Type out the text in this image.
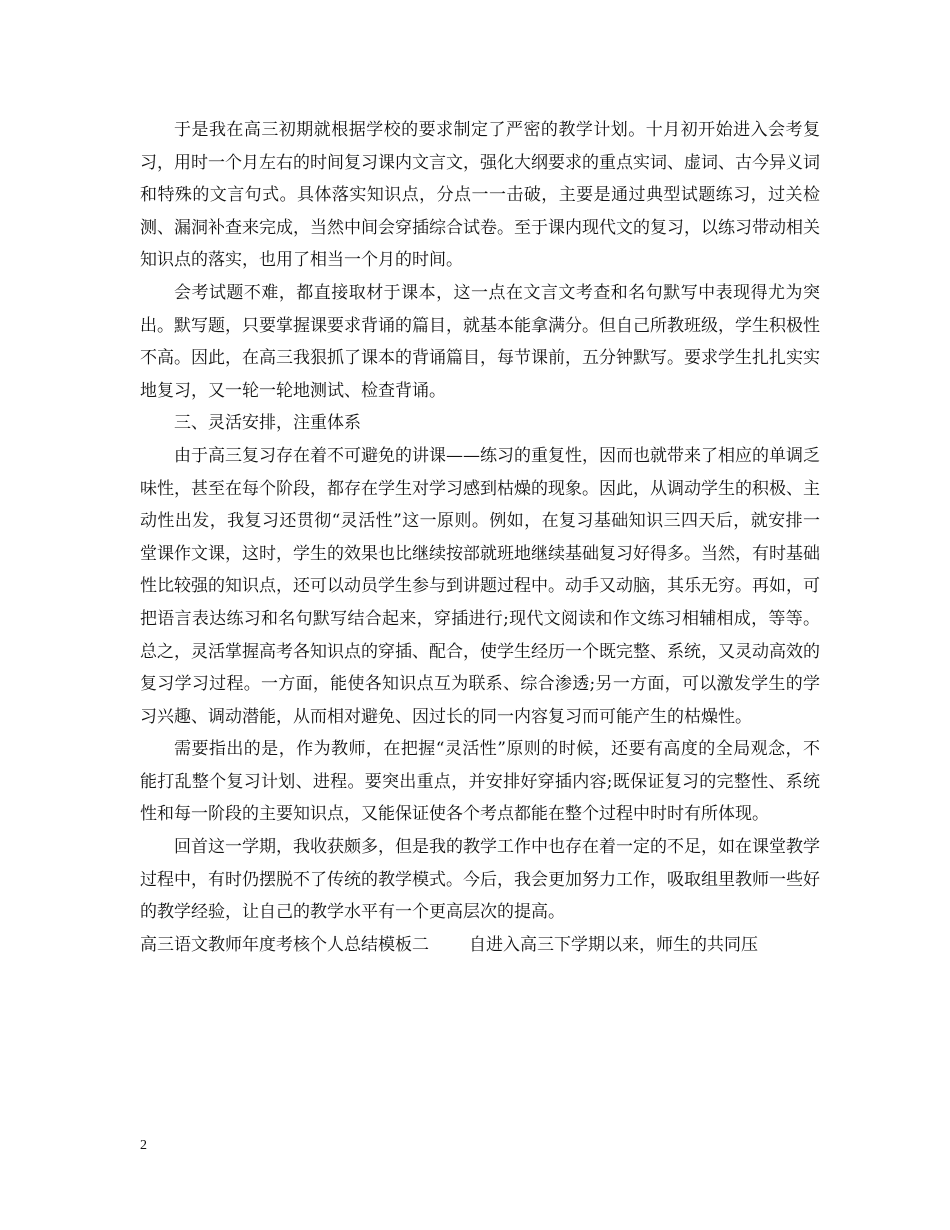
于是我在高三初期就根据学校的要求制定了严密的教学计划。十月初开始进入会考复习，用时一个月左右的时间复习课内文言文，强化大纲要求的重点实词、虚词、古今异义词和特殊的文言句式。具体落实知识点，分点一一击破，主要是通过典型试题练习，过关检测、漏洞补查来完成，当然中间会穿插综合试卷。至于课内现代文的复习，以练习带动相关知识点的落实，也用了相当一个月的时间。

会考试题不难，都直接取材于课本，这一点在文言文考查和名句默写中表现得尤为突出。默写题，只要掌握课要求背诵的篇目，就基本能拿满分。但自己所教班级，学生积极性不高。因此，在高三我狠抓了课本的背诵篇目，每节课前，五分钟默写。要求学生扎扎实实地复习，又一轮一轮地测试、检查背诵。

三、灵活安排，注重体系

由于高三复习存在着不可避免的讲课——练习的重复性，因而也就带来了相应的单调乏味性，甚至在每个阶段，都存在学生对学习感到枯燥的现象。因此，从调动学生的积极、主动性出发，我复习还贯彻“灵活性”这一原则。例如，在复习基础知识三四天后，就安排一堂课作文课，这时，学生的效果也比继续按部就班地继续基础复习好得多。当然，有时基础性比较强的知识点，还可以动员学生参与到讲题过程中。动手又动脑，其乐无穷。再如，可把语言表达练习和名句默写结合起来，穿插进行;现代文阅读和作文练习相辅相成，等等。总之，灵活掌握高考各知识点的穿插、配合，使学生经历一个既完整、系统，又灵动高效的复习学习过程。一方面，能使各知识点互为联系、综合渗透;另一方面，可以激发学生的学习兴趣、调动潜能，从而相对避免、因过长的同一内容复习而可能产生的枯燥性。

需要指出的是，作为教师，在把握“灵活性”原则的时候，还要有高度的全局观念，不能打乱整个复习计划、进程。要突出重点，并安排好穿插内容;既保证复习的完整性、系统性和每一阶段的主要知识点，又能保证使各个考点都能在整个过程中时时有所体现。

回首这一学期，我收获颇多，但是我的教学工作中也存在着一定的不足，如在课堂教学过程中，有时仍摆脱不了传统的教学模式。今后，我会更加努力工作，吸取组里教师一些好的教学经验，让自己的教学水平有一个更高层次的提高。

高三语文教师年度考核个人总结模板二 自进入高三下学期以来，师生的共同压

2
